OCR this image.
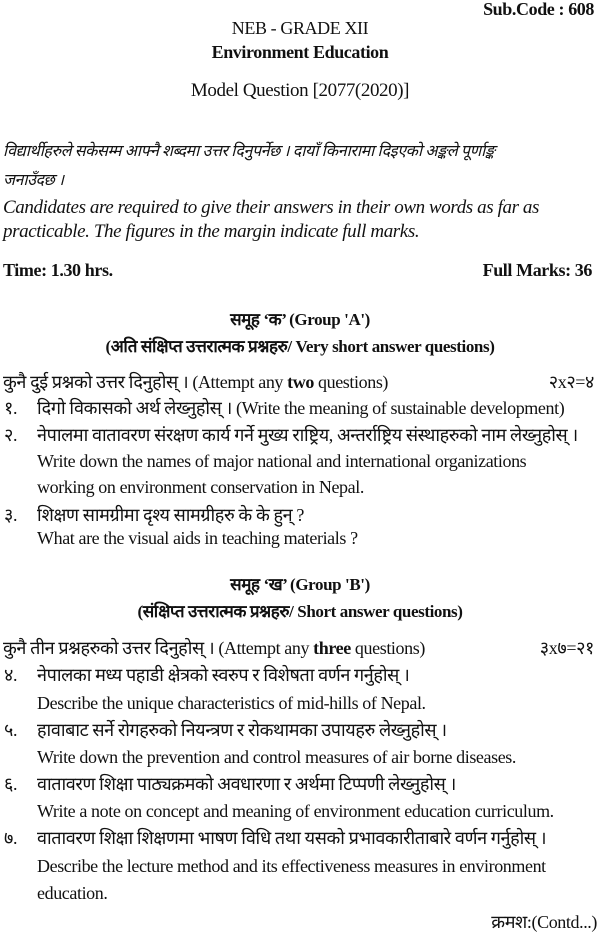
Sub.Code : 608
NEB - GRADE XII
Environment Education
Model Question [2077(2020)]
विद्यार्थीहरुले सकेसम्म आफ्नै शब्दमा उत्तर दिनुपर्नेछ । दायाँ किनारामा दिइएको अङ्कले पूर्णाङ्क
जनाउँदछ ।
Candidates are required to give their answers in their own words as far as
practicable. The figures in the margin indicate full marks.
Time: 1.30 hrs.	Full Marks: 36
समूह ‘क’ (Group 'A')
(अति संक्षिप्त उत्तरात्मक प्रश्नहरु/ Very short answer questions)
कुनै दुई प्रश्नको उत्तर दिनुहोस् । (Attempt any two questions)	२x२=४
१.	दिगो विकासको अर्थ लेख्नुहोस् । (Write the meaning of sustainable development)
२.	नेपालमा वातावरण संरक्षण कार्य गर्ने मुख्य राष्ट्रिय, अन्तर्राष्ट्रिय संस्थाहरुको नाम लेख्नुहोस् ।
Write down the names of major national and international organizations
working on environment conservation in Nepal.
३.	शिक्षण सामग्रीमा दृश्य सामग्रीहरु के के हुन् ?
What are the visual aids in teaching materials ?
समूह ‘ख’ (Group 'B')
(संक्षिप्त उत्तरात्मक प्रश्नहरु/ Short answer questions)
कुनै तीन प्रश्नहरुको उत्तर दिनुहोस् । (Attempt any three questions)	३x७=२१
४.	नेपालका मध्य पहाडी क्षेत्रको स्वरुप र विशेषता वर्णन गर्नुहोस् ।
Describe the unique characteristics of mid-hills of Nepal.
५.	हावाबाट सर्ने रोगहरुको नियन्त्रण र रोकथामका उपायहरु लेख्नुहोस् ।
Write down the prevention and control measures of air borne diseases.
६.	वातावरण शिक्षा पाठ्यक्रमको अवधारणा र अर्थमा टिप्पणी लेख्नुहोस् ।
Write a note on concept and meaning of environment education curriculum.
७.	वातावरण शिक्षा शिक्षणमा भाषण विधि तथा यसको प्रभावकारीताबारे वर्णन गर्नुहोस् ।
Describe the lecture method and its effectiveness measures in environment
education.
क्रमश:(Contd...)
